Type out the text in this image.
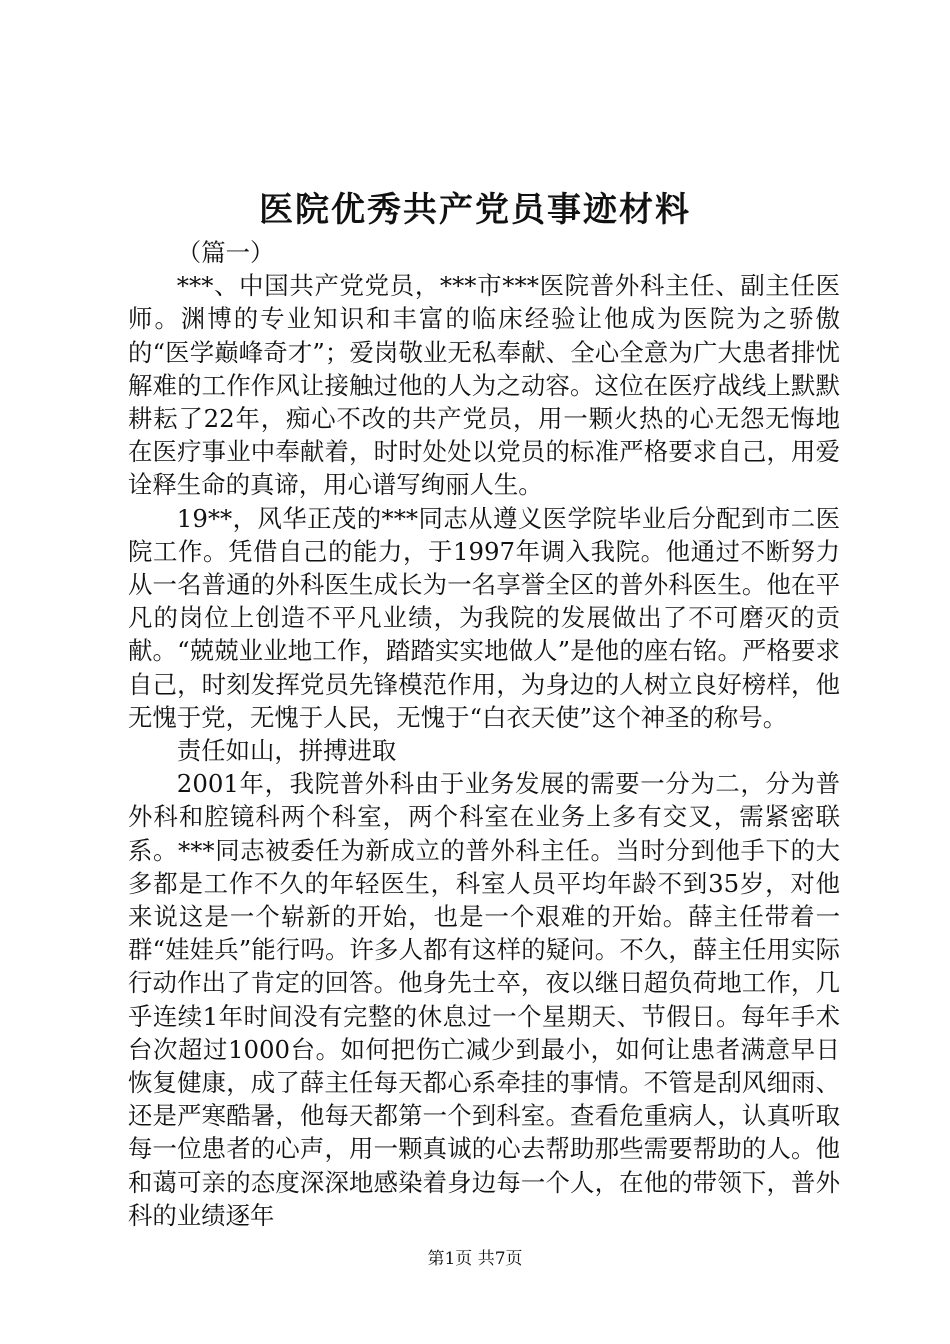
医院优秀共产党员事迹材料

（篇一）

***、中国共产党党员，***市***医院普外科主任、副主任医师。渊博的专业知识和丰富的临床经验让他成为医院为之骄傲的“医学巅峰奇才”；爱岗敬业无私奉献、全心全意为广大患者排忧解难的工作作风让接触过他的人为之动容。这位在医疗战线上默默耕耘了22年，痴心不改的共产党员，用一颗火热的心无怨无悔地在医疗事业中奉献着，时时处处以党员的标准严格要求自己，用爱诠释生命的真谛，用心谱写绚丽人生。

19**，风华正茂的***同志从遵义医学院毕业后分配到市二医院工作。凭借自己的能力，于1997年调入我院。他通过不断努力从一名普通的外科医生成长为一名享誉全区的普外科医生。他在平凡的岗位上创造不平凡业绩，为我院的发展做出了不可磨灭的贡献。“兢兢业业地工作，踏踏实实地做人”是他的座右铭。严格要求自己，时刻发挥党员先锋模范作用，为身边的人树立良好榜样，他无愧于党，无愧于人民，无愧于“白衣天使”这个神圣的称号。

责任如山，拼搏进取

2001年，我院普外科由于业务发展的需要一分为二，分为普外科和腔镜科两个科室，两个科室在业务上多有交叉，需紧密联系。***同志被委任为新成立的普外科主任。当时分到他手下的大多都是工作不久的年轻医生，科室人员平均年龄不到35岁，对他来说这是一个崭新的开始，也是一个艰难的开始。薛主任带着一群“娃娃兵”能行吗。许多人都有这样的疑问。不久，薛主任用实际行动作出了肯定的回答。他身先士卒，夜以继日超负荷地工作，几乎连续1年时间没有完整的休息过一个星期天、节假日。每年手术台次超过1000台。如何把伤亡减少到最小，如何让患者满意早日恢复健康，成了薛主任每天都心系牵挂的事情。不管是刮风细雨、还是严寒酷暑，他每天都第一个到科室。查看危重病人，认真听取每一位患者的心声，用一颗真诚的心去帮助那些需要帮助的人。他和蔼可亲的态度深深地感染着身边每一个人，在他的带领下，普外科的业绩逐年

第1页 共7页
